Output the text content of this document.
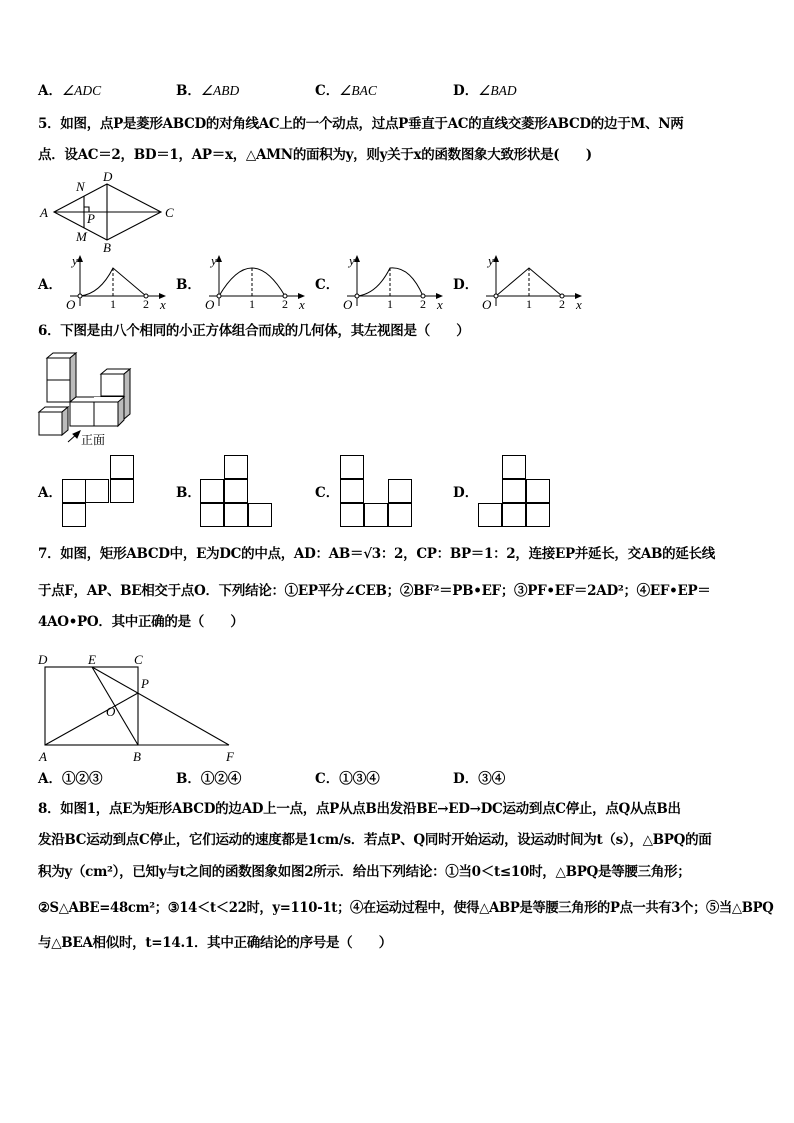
A．∠ADC	B．∠ABD	C．∠BAC	D．∠BAD
5．如图，点P是菱形ABCD的对角线AC上的一个动点，过点P垂直于AC的直线交菱形ABCD的边于M、N两
点．设AC＝2，BD＝1，AP＝x，△AMN的面积为y，则y关于x的函数图象大致形状是(　　)
A
D
C
B
N
M
P
A．	B．	C．	D．
y
O	1 2 x
y
O	1 2 x
y
O	1 2 x
y
O	1 2 x
6．下图是由八个相同的小正方体组合而成的几何体，其左视图是（　　）
正面
A．	B．	C．	D．
7．如图，矩形ABCD中，E为DC的中点，AD：AB＝√3：2，CP：BP＝1：2，连接EP并延长，交AB的延长线
于点F，AP、BE相交于点O．下列结论：①EP平分∠CEB；②BF²＝PB•EF；③PF•EF＝2AD²；④EF•EP＝
4AO•PO．其中正确的是（　　）
D	E	C
P
O
A	B	F
A．①②③	B．①②④	C．①③④	D．③④
8．如图1，点E为矩形ABCD的边AD上一点，点P从点B出发沿BE→ED→DC运动到点C停止，点Q从点B出
发沿BC运动到点C停止，它们运动的速度都是1cm/s．若点P、Q同时开始运动，设运动时间为t（s），△BPQ的面
积为y（cm²），已知y与t之间的函数图象如图2所示．给出下列结论：①当0＜t≤10时，△BPQ是等腰三角形；
②S△ABE=48cm²；③14＜t＜22时，y=110-1t；④在运动过程中，使得△ABP是等腰三角形的P点一共有3个；⑤当△BPQ
与△BEA相似时，t=14.1．其中正确结论的序号是（　　）
